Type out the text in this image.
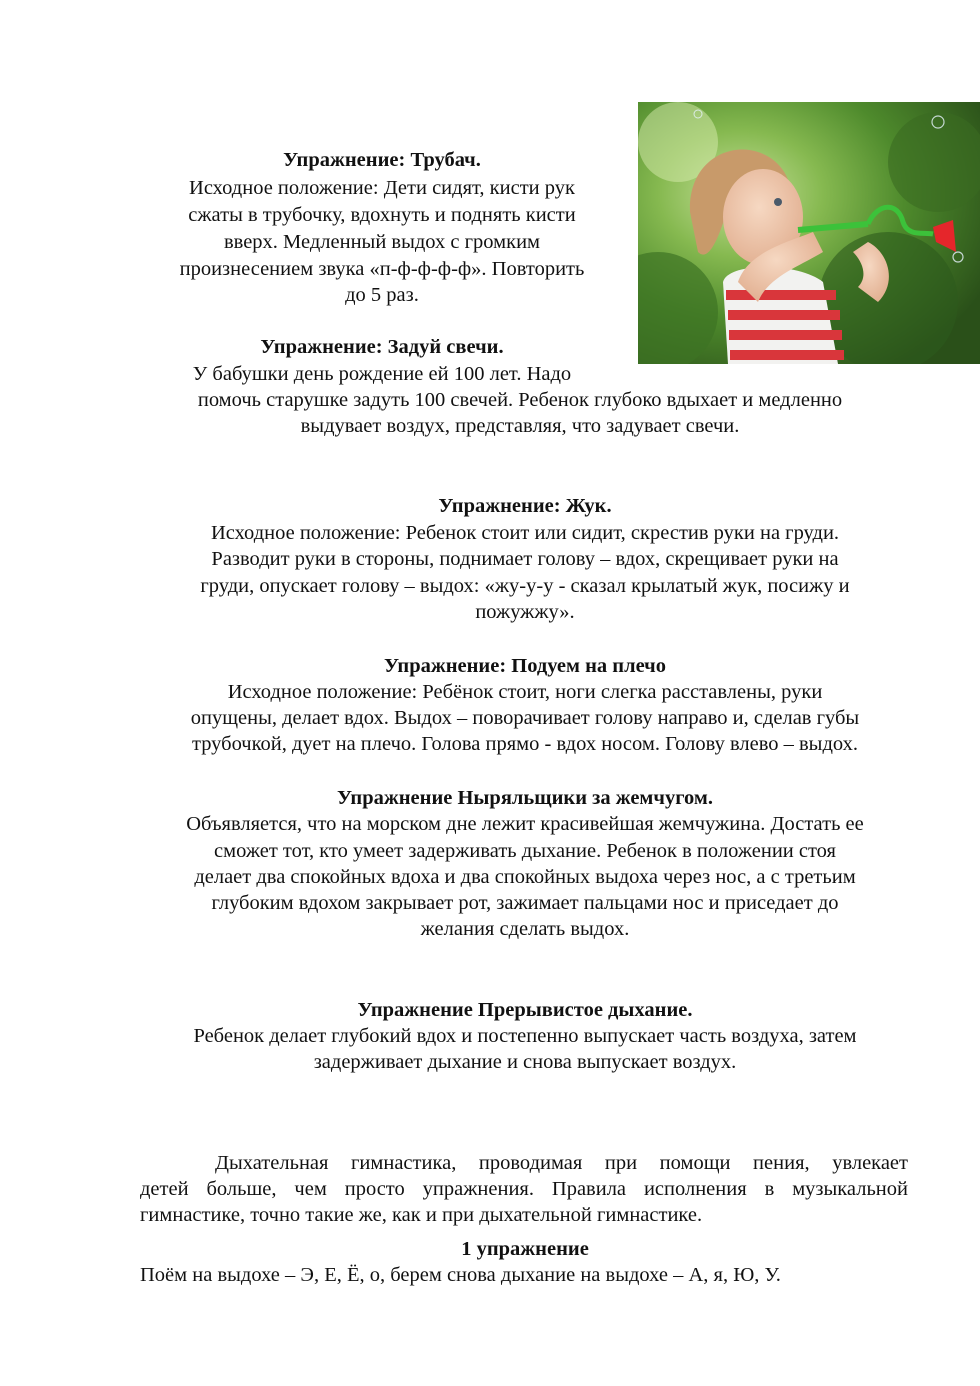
Упражнение: Трубач.

Исходное положение: Дети сидят, кисти рук

сжаты в трубочку, вдохнуть и поднять кисти

вверх. Медленный выдох с громким

произнесением звука «п-ф-ф-ф-ф». Повторить

до 5 раз.

Упражнение: Задуй свечи.

У бабушки день рождение ей 100 лет. Надо

помочь старушке задуть 100 свечей. Ребенок глубоко вдыхает и медленно

выдувает воздух, представляя, что задувает свечи.

Упражнение: Жук.

Исходное положение: Ребенок стоит или сидит, скрестив руки на груди.

Разводит руки в стороны, поднимает голову – вдох, скрещивает руки на

груди, опускает голову – выдох: «жу-у-у - сказал крылатый жук, посижу и

пожужжу».

Упражнение: Подуем на плечо

Исходное положение: Ребёнок стоит, ноги слегка расставлены, руки

опущены, делает вдох. Выдох – поворачивает голову направо и, сделав губы

трубочкой, дует на плечо. Голова прямо - вдох носом. Голову влево – выдох.

Упражнение Ныряльщики за жемчугом.

Объявляется, что на морском дне лежит красивейшая жемчужина. Достать ее

сможет тот, кто умеет задерживать дыхание. Ребенок в положении стоя

делает два спокойных вдоха и два спокойных выдоха через нос, а с третьим

глубоким вдохом закрывает рот, зажимает пальцами нос и приседает до

желания сделать выдох.

Упражнение Прерывистое дыхание.

Ребенок делает глубокий вдох и постепенно выпускает часть воздуха, затем

задерживает дыхание и снова выпускает воздух.

Дыхательная гимнастика, проводимая при помощи пения, увлекает

детей больше, чем просто упражнения. Правила исполнения в музыкальной

гимнастике, точно такие же, как и при дыхательной гимнастике.

1 упражнение

Поём на выдохе – Э, Е, Ё, о, берем снова дыхание на выдохе – А, я, Ю, У.
